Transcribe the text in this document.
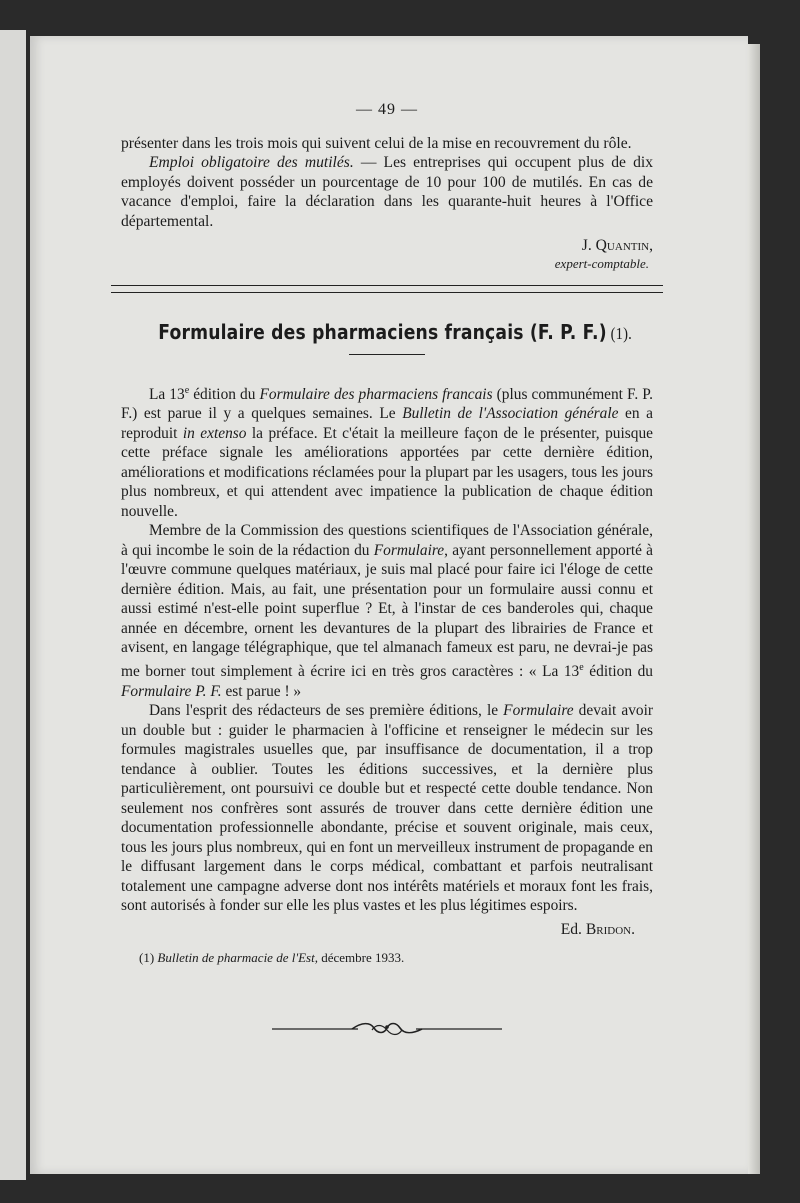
— 49 —

présenter dans les trois mois qui suivent celui de la mise en recouvrement du rôle.

Emploi obligatoire des mutilés. — Les entreprises qui occupent plus de dix employés doivent posséder un pourcentage de 10 pour 100 de mutilés. En cas de vacance d'emploi, faire la déclaration dans les quarante-huit heures à l'Office départemental.

J. Quantin,
expert-comptable.
Formulaire des pharmaciens français (F. P. F.) (1).

La 13e édition du Formulaire des pharmaciens francais (plus communément F. P. F.) est parue il y a quelques semaines. Le Bulletin de l'Association générale en a reproduit in extenso la préface. Et c'était la meilleure façon de le présenter, puisque cette préface signale les améliorations apportées par cette dernière édition, améliorations et modifications réclamées pour la plupart par les usagers, tous les jours plus nombreux, et qui attendent avec impatience la publication de chaque édition nouvelle.

Membre de la Commission des questions scientifiques de l'Association générale, à qui incombe le soin de la rédaction du Formulaire, ayant personnellement apporté à l'œuvre commune quelques matériaux, je suis mal placé pour faire ici l'éloge de cette dernière édition. Mais, au fait, une présentation pour un formulaire aussi connu et aussi estimé n'est-elle point superflue ? Et, à l'instar de ces banderoles qui, chaque année en décembre, ornent les devantures de la plupart des librairies de France et avisent, en langage télégraphique, que tel almanach fameux est paru, ne devrai-je pas me borner tout simplement à écrire ici en très gros caractères : « La 13e édition du Formulaire P. F. est parue ! »

Dans l'esprit des rédacteurs de ses première éditions, le Formulaire devait avoir un double but : guider le pharmacien à l'officine et renseigner le médecin sur les formules magistrales usuelles que, par insuffisance de documentation, il a trop tendance à oublier. Toutes les éditions successives, et la dernière plus particulièrement, ont poursuivi ce double but et respecté cette double tendance. Non seulement nos confrères sont assurés de trouver dans cette dernière édition une documentation professionnelle abondante, précise et souvent originale, mais ceux, tous les jours plus nombreux, qui en font un merveilleux instrument de propagande en le diffusant largement dans le corps médical, combattant et parfois neutralisant totalement une campagne adverse dont nos intérêts matériels et moraux font les frais, sont autorisés à fonder sur elle les plus vastes et les plus légitimes espoirs.

Ed. Bridon.

(1) Bulletin de pharmacie de l'Est, décembre 1933.
